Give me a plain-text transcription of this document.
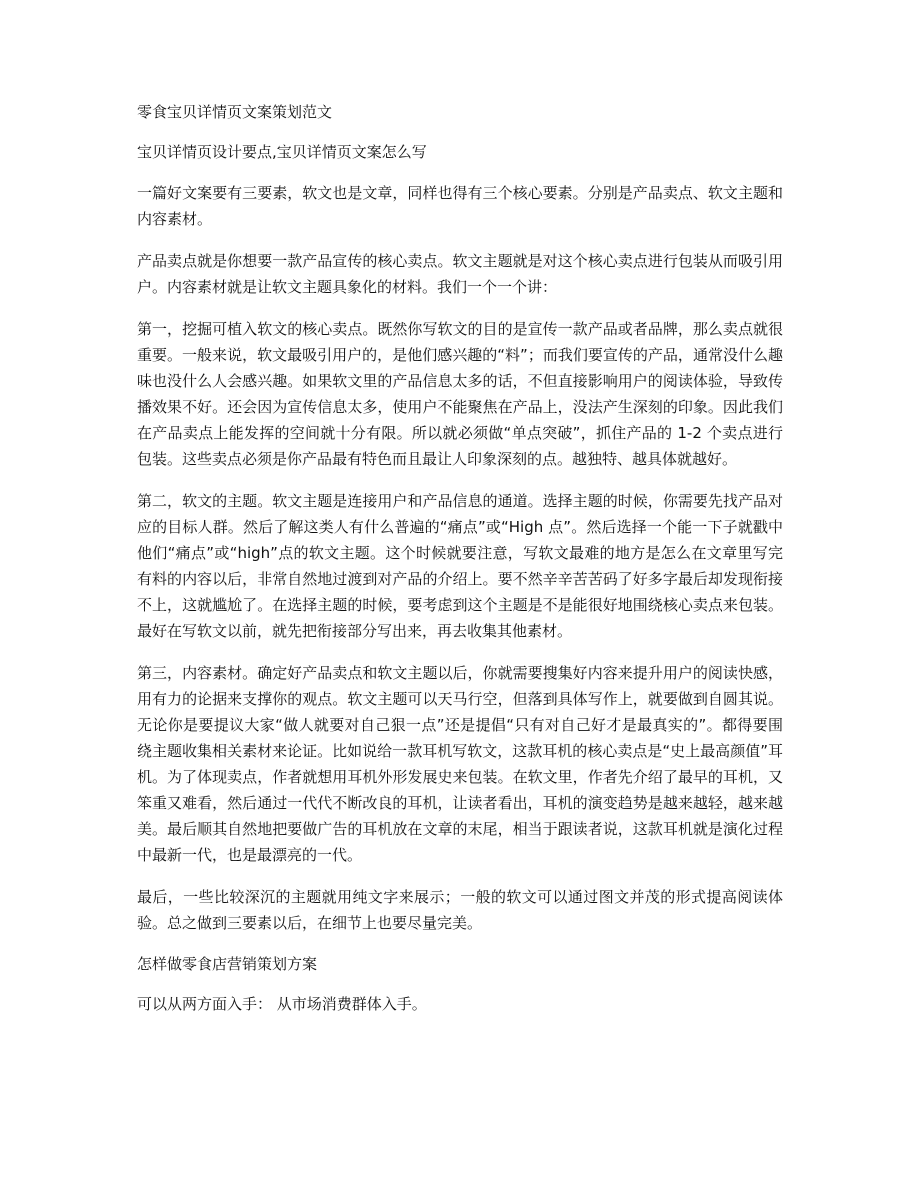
零食宝贝详情页文案策划范文
宝贝详情页设计要点,宝贝详情页文案怎么写

一篇好文案要有三要素，软文也是文章，同样也得有三个核心要素。分别是产品卖点、软文主题和内容素材。

产品卖点就是你想要一款产品宣传的核心卖点。软文主题就是对这个核心卖点进行包装从而吸引用户。内容素材就是让软文主题具象化的材料。我们一个一个讲：

第一，挖掘可植入软文的核心卖点。既然你写软文的目的是宣传一款产品或者品牌，那么卖点就很重要。一般来说，软文最吸引用户的，是他们感兴趣的“料”；而我们要宣传的产品，通常没什么趣味也没什么人会感兴趣。如果软文里的产品信息太多的话，不但直接影响用户的阅读体验，导致传播效果不好。还会因为宣传信息太多，使用户不能聚焦在产品上，没法产生深刻的印象。因此我们在产品卖点上能发挥的空间就十分有限。所以就必须做“单点突破”，抓住产品的 1-2 个卖点进行包装。这些卖点必须是你产品最有特色而且最让人印象深刻的点。越独特、越具体就越好。

第二，软文的主题。软文主题是连接用户和产品信息的通道。选择主题的时候，你需要先找产品对应的目标人群。然后了解这类人有什么普遍的“痛点”或“High 点”。然后选择一个能一下子就戳中他们“痛点”或“high”点的软文主题。这个时候就要注意，写软文最难的地方是怎么在文章里写完有料的内容以后，非常自然地过渡到对产品的介绍上。要不然辛辛苦苦码了好多字最后却发现衔接不上，这就尴尬了。在选择主题的时候，要考虑到这个主题是不是能很好地围绕核心卖点来包装。最好在写软文以前，就先把衔接部分写出来，再去收集其他素材。

第三，内容素材。确定好产品卖点和软文主题以后，你就需要搜集好内容来提升用户的阅读快感，用有力的论据来支撑你的观点。软文主题可以天马行空，但落到具体写作上，就要做到自圆其说。无论你是要提议大家“做人就要对自己狠一点”还是提倡“只有对自己好才是最真实的”。都得要围绕主题收集相关素材来论证。比如说给一款耳机写软文，这款耳机的核心卖点是“史上最高颜值”耳机。为了体现卖点，作者就想用耳机外形发展史来包装。在软文里，作者先介绍了最早的耳机，又笨重又难看，然后通过一代代不断改良的耳机，让读者看出，耳机的演变趋势是越来越轻，越来越美。最后顺其自然地把要做广告的耳机放在文章的末尾，相当于跟读者说，这款耳机就是演化过程中最新一代，也是最漂亮的一代。

最后，一些比较深沉的主题就用纯文字来展示；一般的软文可以通过图文并茂的形式提高阅读体验。总之做到三要素以后，在细节上也要尽量完美。

怎样做零食店营销策划方案
可以从两方面入手： 从市场消费群体入手。
